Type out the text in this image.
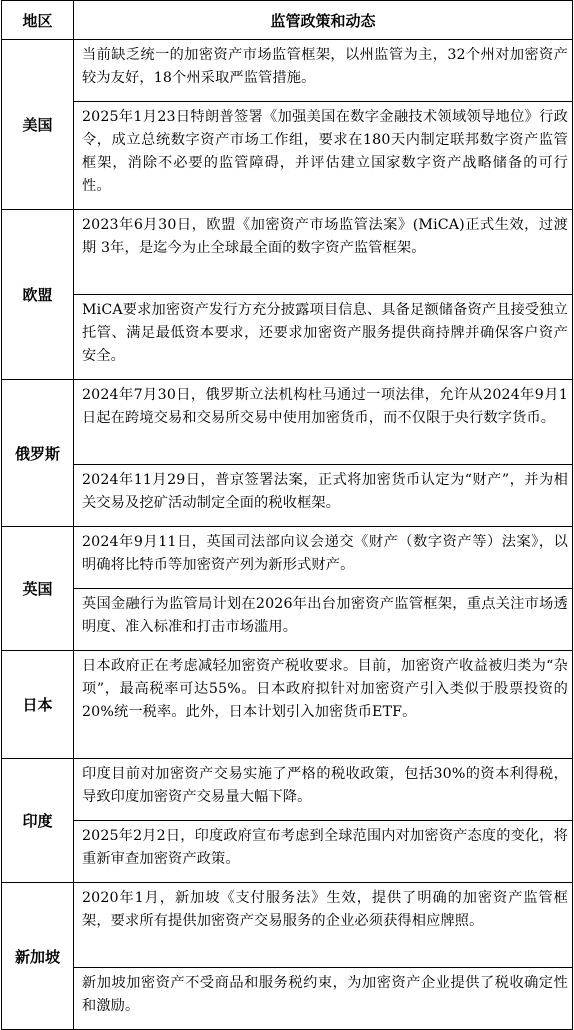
地区	监管政策和动态
美国	当前缺乏统一的加密资产市场监管框架，以州监管为主，32个州对加密资产较为友好，18个州采取严监管措施。
	2025年1月23日特朗普签署《加强美国在数字金融技术领域领导地位》行政令，成立总统数字资产市场工作组，要求在180天内制定联邦数字资产监管框架，消除不必要的监管障碍，并评估建立国家数字资产战略储备的可行性。
欧盟	2023年6月30日，欧盟《加密资产市场监管法案》(MiCA)正式生效，过渡期 3年，是迄今为止全球最全面的数字资产监管框架。
	MiCA要求加密资产发行方充分披露项目信息、具备足额储备资产且接受独立托管、满足最低资本要求，还要求加密资产服务提供商持牌并确保客户资产安全。
俄罗斯	2024年7月30日，俄罗斯立法机构杜马通过一项法律，允许从2024年9月1日起在跨境交易和交易所交易中使用加密货币，而不仅限于央行数字货币。
	2024年11月29日，普京签署法案，正式将加密货币认定为“财产”，并为相关交易及挖矿活动制定全面的税收框架。
英国	2024年9月11日，英国司法部向议会递交《财产（数字资产等）法案》，以明确将比特币等加密资产列为新形式财产。
	英国金融行为监管局计划在2026年出台加密资产监管框架，重点关注市场透明度、准入标准和打击市场滥用。
日本	日本政府正在考虑减轻加密资产税收要求。目前，加密资产收益被归类为“杂项”，最高税率可达55%。日本政府拟针对加密资产引入类似于股票投资的20%统一税率。此外，日本计划引入加密货币ETF。
印度	印度目前对加密资产交易实施了严格的税收政策，包括30%的资本利得税，导致印度加密资产交易量大幅下降。
	2025年2月2日，印度政府宣布考虑到全球范围内对加密资产态度的变化，将重新审查加密资产政策。
新加坡	2020年1月，新加坡《支付服务法》生效，提供了明确的加密资产监管框架，要求所有提供加密资产交易服务的企业必须获得相应牌照。
	新加坡加密资产不受商品和服务税约束，为加密资产企业提供了税收确定性和激励。
